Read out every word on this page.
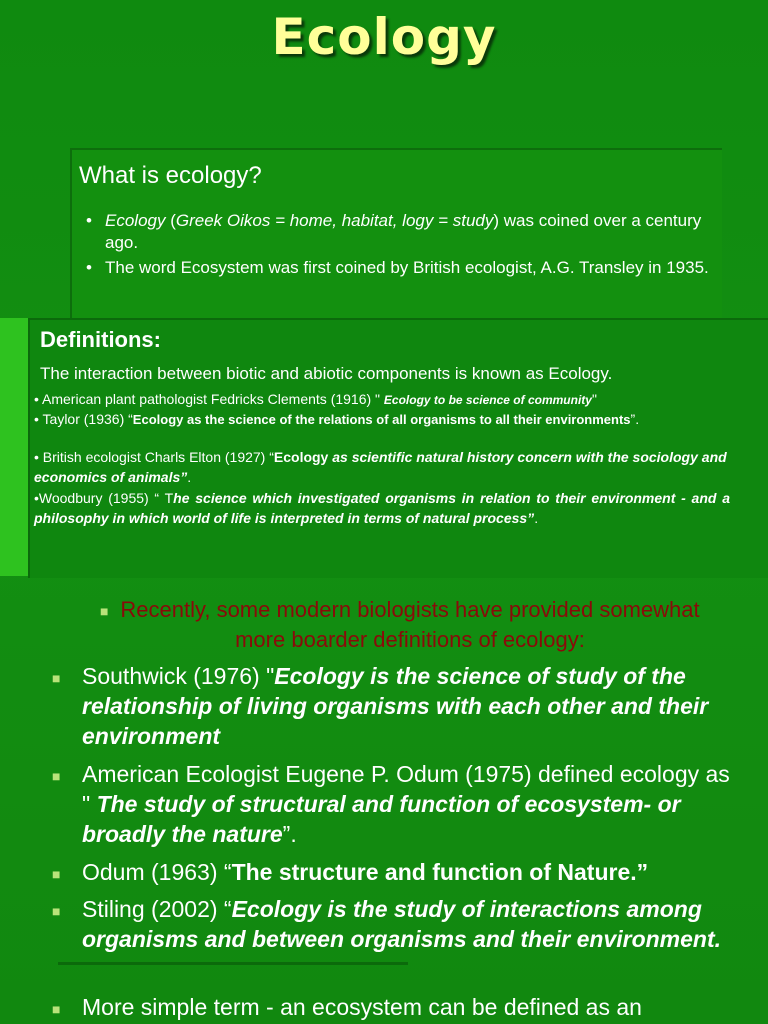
Ecology
What is ecology?
• Ecology (Greek Oikos = home, habitat, logy = study) was coined over a century ago.
• The word Ecosystem was first coined by British ecologist, A.G. Transley in 1935.
Definitions:
The interaction between biotic and abiotic components is known as Ecology.
• American plant pathologist Fedricks Clements (1916) " Ecology to be science of community"
• Taylor (1936) “Ecology as the science of the relations of all organisms to all their environments”.
• British ecologist Charls Elton (1927) “Ecology as scientific natural history concern with the sociology and economics of animals”.
•Woodbury (1955) “ The science which investigated organisms in relation to their environment - and a philosophy in which world of life is interpreted in terms of natural process”.
■ Recently, some modern biologists have provided somewhat more boarder definitions of ecology:
■ Southwick (1976) "Ecology is the science of study of the relationship of living organisms with each other and their environment
■ American Ecologist Eugene P. Odum (1975) defined ecology as " The study of structural and function of ecosystem- or broadly the nature”.
■ Odum (1963) “The structure and function of Nature.”
■ Stiling (2002) “Ecology is the study of interactions among organisms and between organisms and their environment.
■ More simple term - an ecosystem can be defined as an
